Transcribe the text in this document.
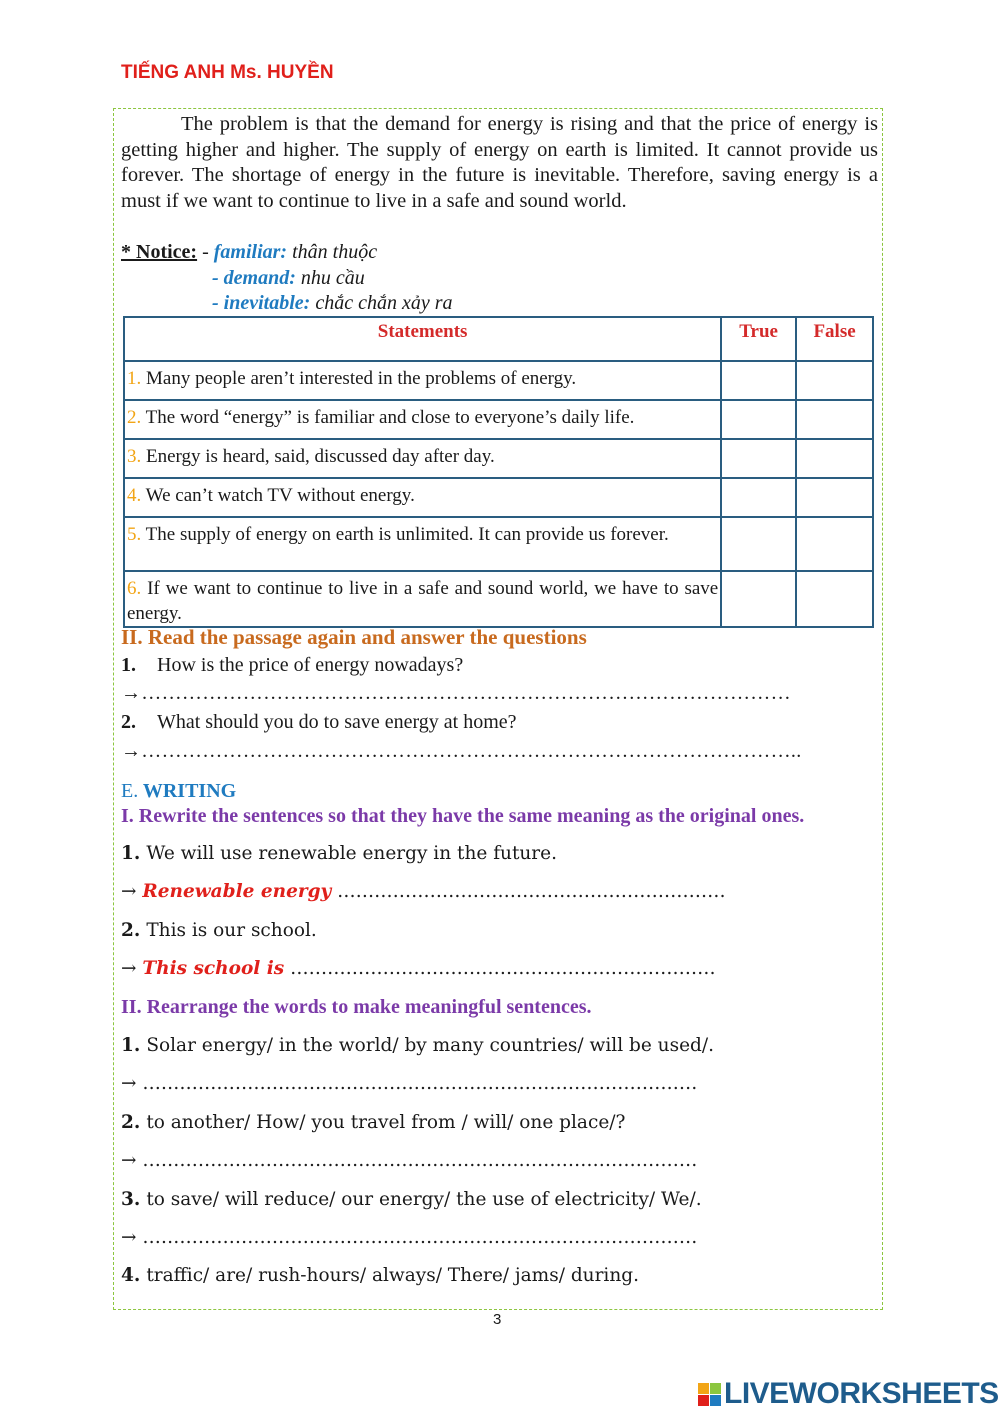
TIẾNG ANH Ms. HUYỀN
The problem is that the demand for energy is rising and that the price of energy is getting higher and higher. The supply of energy on earth is limited. It cannot provide us forever. The shortage of energy in the future is inevitable. Therefore, saving energy is a must if we want to continue to live in a safe and sound world.
* Notice: - familiar: thân thuộc
- demand: nhu cầu
- inevitable: chắc chắn xảy ra
Statements	True	False
1. Many people aren’t interested in the problems of energy.		
2. The word “energy” is familiar and close to everyone’s daily life.		
3. Energy is heard, said, discussed day after day.		
4. We can’t watch TV without energy.		
5. The supply of energy on earth is unlimited. It can provide us forever.		
6. If we want to continue to live in a safe and sound world, we have to save energy.		
II. Read the passage again and answer the questions
1. How is the price of energy nowadays?
→……………………………………………………………………………………
2. What should you do to save energy at home?
→……………………………………………………………………………………..
E. WRITING
I. Rewrite the sentences so that they have the same meaning as the original ones.
1. We will use renewable energy in the future.
→ Renewable energy ………………………………………………………
2. This is our school.
→ This school is ……………………………………………………………
II. Rearrange the words to make meaningful sentences.
1. Solar energy/ in the world/ by many countries/ will be used/.
→ ………………………………………………………………………………
2. to another/ How/ you travel from / will/ one place/?
→ ………………………………………………………………………………
3. to save/ will reduce/ our energy/ the use of electricity/ We/.
→ ………………………………………………………………………………
4. traffic/ are/ rush-hours/ always/ There/ jams/ during.
3
LIVEWORKSHEETS
